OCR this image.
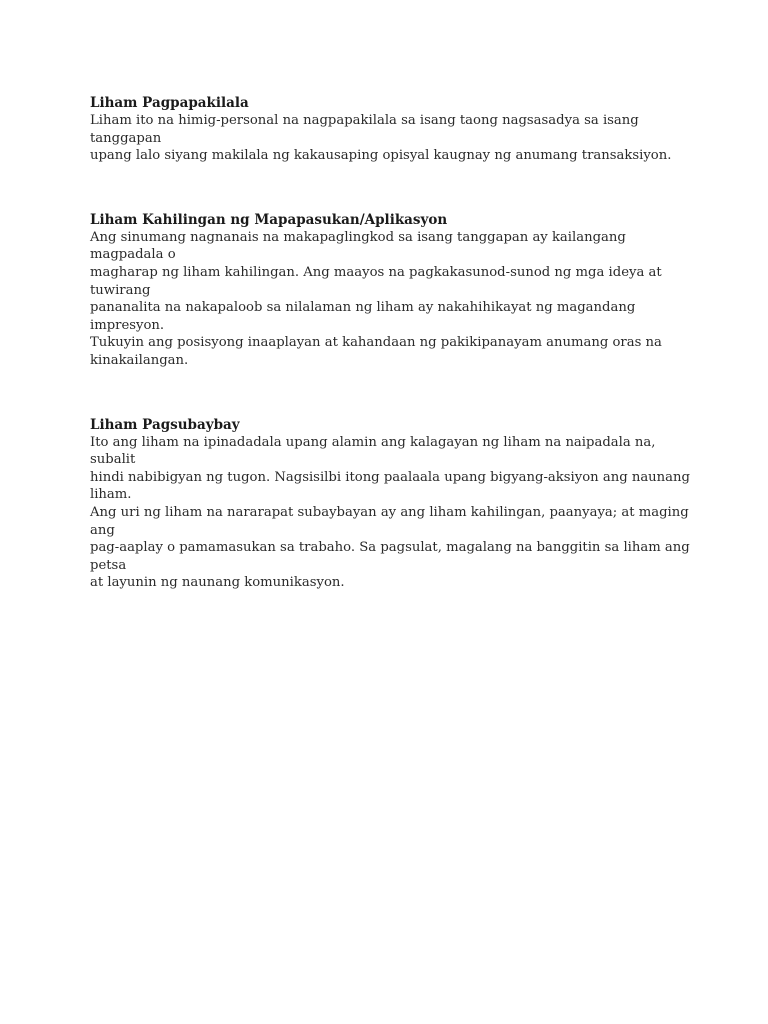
Liham Pagpapakilala

Liham ito na himig-personal na nagpapakilala sa isang taong nagsasadya sa isang tanggapan
upang lalo siyang makilala ng kakausaping opisyal kaugnay ng anumang transaksiyon.

Liham Kahilingan ng Mapapasukan/Aplikasyon

Ang sinumang nagnanais na makapaglingkod sa isang tanggapan ay kailangang magpadala o
magharap ng liham kahilingan. Ang maayos na pagkakasunod-sunod ng mga ideya at tuwirang
pananalita na nakapaloob sa nilalaman ng liham ay nakahihikayat ng magandang impresyon.
Tukuyin ang posisyong inaaplayan at kahandaan ng pakikipanayam anumang oras na
kinakailangan.

Liham Pagsubaybay

Ito ang liham na ipinadadala upang alamin ang kalagayan ng liham na naipadala na, subalit
hindi nabibigyan ng tugon. Nagsisilbi itong paalaala upang bigyang-aksiyon ang naunang liham.
Ang uri ng liham na nararapat subaybayan ay ang liham kahilingan, paanyaya; at maging ang
pag-aaplay o pamamasukan sa trabaho. Sa pagsulat, magalang na banggitin sa liham ang petsa
at layunin ng naunang komunikasyon.
